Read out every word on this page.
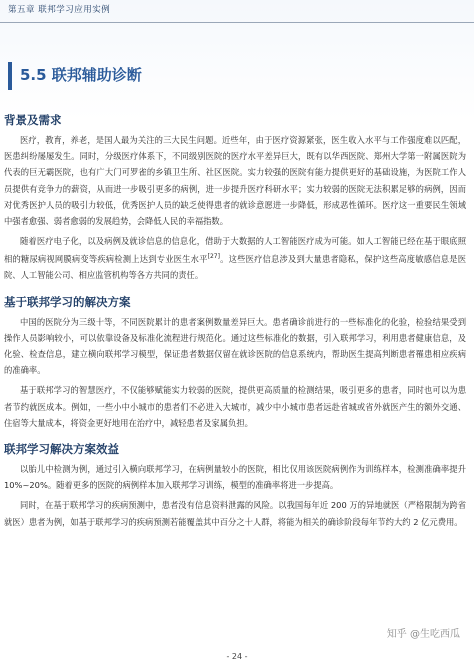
第五章 联邦学习应用实例
5.5 联邦辅助诊断
背景及需求

医疗，教育，养老，是国人最为关注的三大民生问题。近些年，由于医疗资源紧张，医生收入水平与工作强度难以匹配，医患纠纷屡屡发生。同时，分级医疗体系下，不同级别医院的医疗水平差异巨大，既有以华西医院、郑州大学第一附属医院为代表的巨无霸医院，也有广大门可罗雀的乡镇卫生所、社区医院。实力较强的医院有能力提供更好的基础设施，为医院工作人员提供有竞争力的薪资，从而进一步吸引更多的病例，进一步提升医疗科研水平；实力较弱的医院无法积累足够的病例，因而对优秀医护人员的吸引力较低，优秀医护人员的缺乏使得患者的就诊意愿进一步降低，形成恶性循环。医疗这一重要民生领域中强者愈强、弱者愈弱的发展趋势，会降低人民的幸福指数。

随着医疗电子化，以及病例及就诊信息的信息化，借助于大数据的人工智能医疗成为可能。如人工智能已经在基于眼底照相的糖尿病视网膜病变等疾病检测上达到专业医生水平[27]。这些医疗信息涉及到大量患者隐私，保护这些高度敏感信息是医院、人工智能公司、相应监管机构等各方共同的责任。

基于联邦学习的解决方案

中国的医院分为三级十等，不同医院累计的患者案例数量差异巨大。患者确诊前进行的一些标准化的化验，检验结果受到操作人员影响较小，可以依靠设备及标准化流程进行规范化。通过这些标准化的数据，引入联邦学习，利用患者健康信息，及化验、检查信息，建立横向联邦学习模型，保证患者数据仅留在就诊医院的信息系统内，帮助医生提高判断患者罹患相应疾病的准确率。

基于联邦学习的智慧医疗，不仅能够赋能实力较弱的医院，提供更高质量的检测结果，吸引更多的患者，同时也可以为患者节约就医成本。例如，一些小中小城市的患者们不必进入大城市，减少中小城市患者远赴省城或省外就医产生的额外交通、住宿等大量成本，将资金更好地用在治疗中，减轻患者及家属负担。

联邦学习解决方案效益

以胎儿中检测为例，通过引入横向联邦学习，在病例量较小的医院，相比仅用该医院病例作为训练样本，检测准确率提升 10%~20%。随着更多的医院的病例样本加入联邦学习训练，模型的准确率将进一步提高。

同时，在基于联邦学习的疾病预测中，患者没有信息资料泄露的风险。以我国每年近 200 万的异地就医（严格限制为跨省就医）患者为例，如基于联邦学习的疾病预测若能覆盖其中百分之十人群，将能为相关的确诊阶段每年节约大约 2 亿元费用。

知乎 @生吃西瓜
- 24 -
